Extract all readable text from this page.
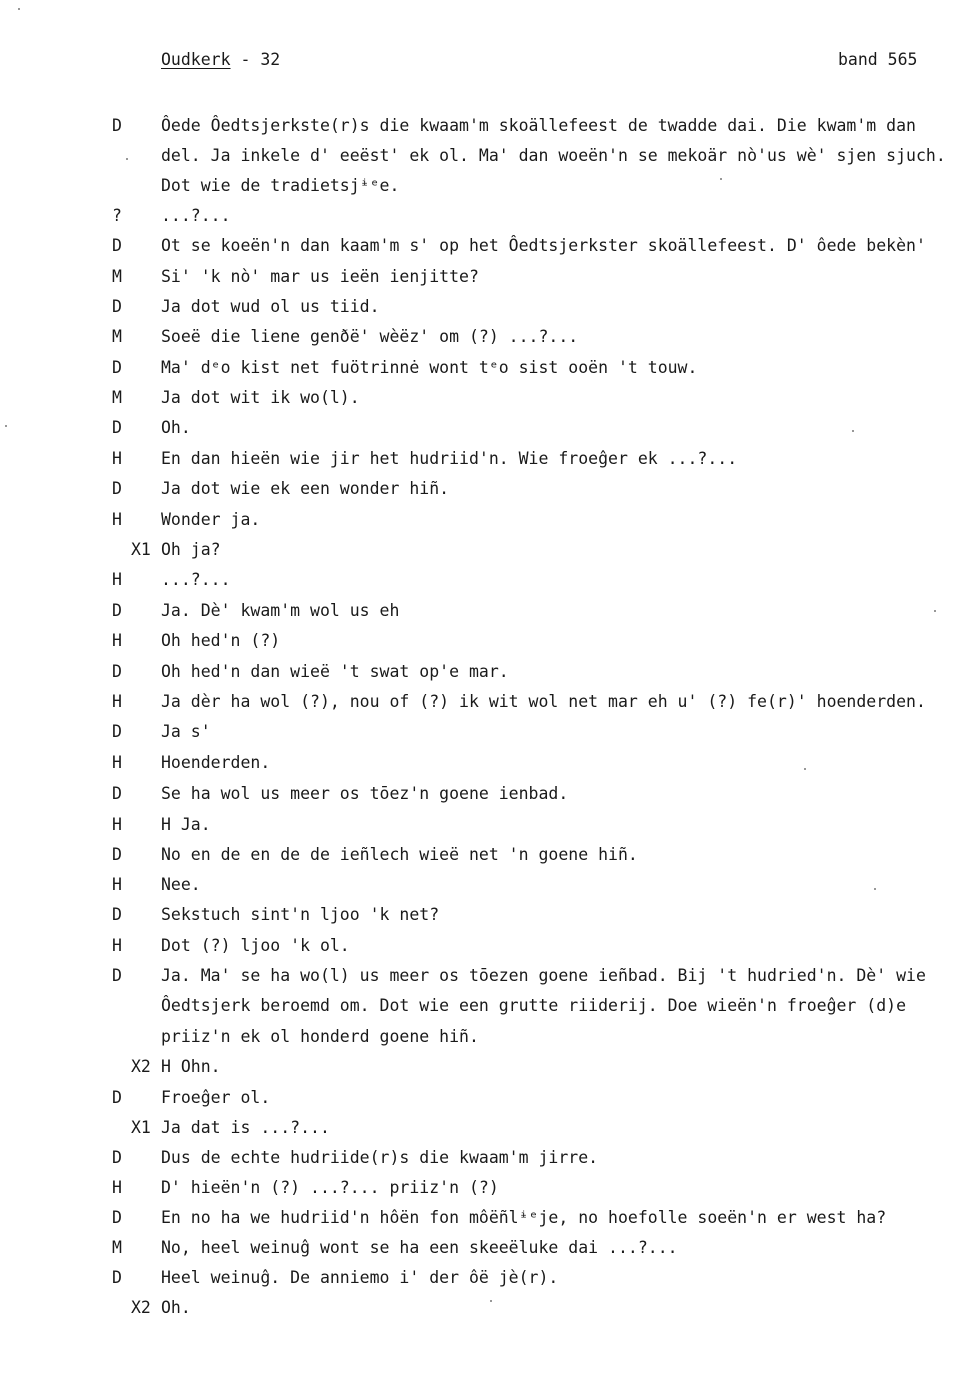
Oudkerk - 32	band 565
D	Ôede Ôedtsjerkste(r)s die kwaam'm skoällefeest de twadde dai. Die kwam'm dan
del. Ja inkele d' eeëst' ek ol. Ma' dan woeën'n se mekoär nò'us wè' sjen sjuch.
Dot wie de tradietsjᶤᵉe.
?	...?...
D	Ot se koeën'n dan kaam'm s' op het Ôedtsjerkster skoällefeest. D' ôede bekèn'
M	Si' 'k nò' mar us ieën ienjitte?
D	Ja dot wud ol us tiid.
M	Soeë die liene genðë' wèëz' om (?) ...?...
D	Ma' dᵉo kist net fuötrinnė wont tᵉo sist ooën 't touw.
M	Ja dot wit ik wo(l).
D	Oh.
H	En dan hieën wie jir het hudriid'n. Wie froeĝer ek ...?...
D	Ja dot wie ek een wonder hiñ.
H	Wonder ja.
X1 Oh ja?
H	...?...
D	Ja. Dè' kwam'm wol us eh
H	Oh hed'n (?)
D	Oh hed'n dan wieë 't swat op'e mar.
H	Ja dèr ha wol (?), nou of (?) ik wit wol net mar eh u' (?) fe(r)' hoenderden.
D	Ja s'
H	Hoenderden.
D	Se ha wol us meer os tōez'n goene ienbad.
H	H Ja.
D	No en de en de de ieñlech wieë net 'n goene hiñ.
H	Nee.
D	Sekstuch sint'n ljoo 'k net?
H	Dot (?) ljoo 'k ol.
D	Ja. Ma' se ha wo(l) us meer os tōezen goene ieñbad. Bij 't hudried'n. Dè' wie
Ôedtsjerk beroemd om. Dot wie een grutte riiderij. Doe wieën'n froeĝer (d)e
priiz'n ek ol honderd goene hiñ.
X2 H Ohn.
D	Froeĝer ol.
X1 Ja dat is ...?...
D	Dus de echte hudriide(r)s die kwaam'm jirre.
H	D' hieën'n (?) ...?... priiz'n (?)
D	En no ha we hudriid'n hôën fon môëñlᶤᵉje, no hoefolle soeën'n er west ha?
M	No, heel weinuĝ wont se ha een skeeëluke dai ...?...
D	Heel weinuĝ. De anniemo i' der ôë jè(r).
X2 Oh.
